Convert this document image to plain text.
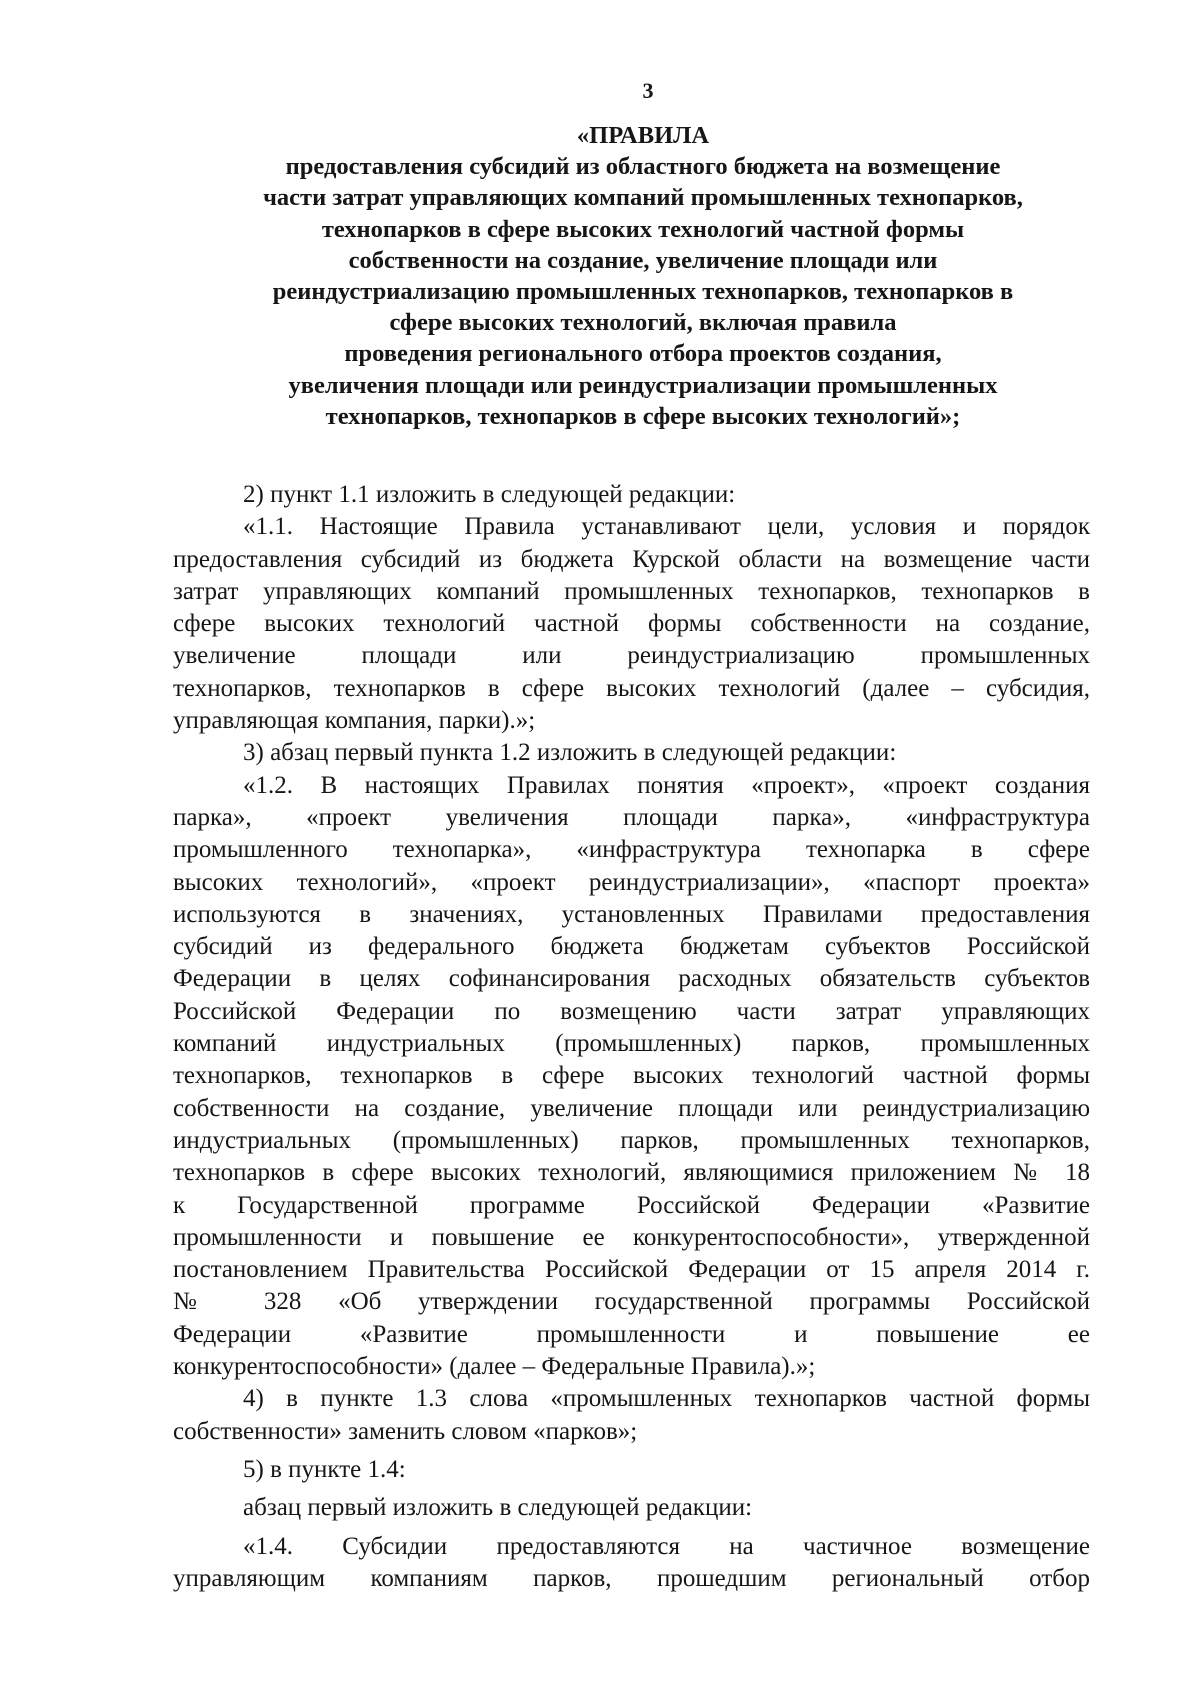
3
«ПРАВИЛА
предоставления субсидий из областного бюджета на возмещение
части затрат управляющих компаний промышленных технопарков,
технопарков в сфере высоких технологий частной формы
собственности на создание, увеличение площади или
реиндустриализацию промышленных технопарков, технопарков в
сфере высоких технологий, включая правила
проведения регионального отбора проектов создания,
увеличения площади или реиндустриализации промышленных
технопарков, технопарков в сфере высоких технологий»;
2) пункт 1.1 изложить в следующей редакции:
«1.1. Настоящие Правила устанавливают цели, условия и порядок
предоставления субсидий из бюджета Курской области на возмещение части
затрат управляющих компаний промышленных технопарков, технопарков в
сфере высоких технологий частной формы собственности на создание,
увеличение площади или реиндустриализацию промышленных
технопарков, технопарков в сфере высоких технологий (далее – субсидия,
управляющая компания, парки).»;
3) абзац первый пункта 1.2 изложить в следующей редакции:
«1.2. В настоящих Правилах понятия «проект», «проект создания
парка», «проект увеличения площади парка», «инфраструктура
промышленного технопарка», «инфраструктура технопарка в сфере
высоких технологий», «проект реиндустриализации», «паспорт проекта»
используются в значениях, установленных Правилами предоставления
субсидий из федерального бюджета бюджетам субъектов Российской
Федерации в целях софинансирования расходных обязательств субъектов
Российской Федерации по возмещению части затрат управляющих
компаний индустриальных (промышленных) парков, промышленных
технопарков, технопарков в сфере высоких технологий частной формы
собственности на создание, увеличение площади или реиндустриализацию
индустриальных (промышленных) парков, промышленных технопарков,
технопарков в сфере высоких технологий, являющимися приложением № 18
к Государственной программе Российской Федерации «Развитие
промышленности и повышение ее конкурентоспособности», утвержденной
постановлением Правительства Российской Федерации от 15 апреля 2014 г.
№ 328 «Об утверждении государственной программы Российской
Федерации «Развитие промышленности и повышение ее
конкурентоспособности» (далее – Федеральные Правила).»;
4) в пункте 1.3 слова «промышленных технопарков частной формы
собственности» заменить словом «парков»;
5) в пункте 1.4:
абзац первый изложить в следующей редакции:
«1.4. Субсидии предоставляются на частичное возмещение
управляющим компаниям парков, прошедшим региональный отбор
